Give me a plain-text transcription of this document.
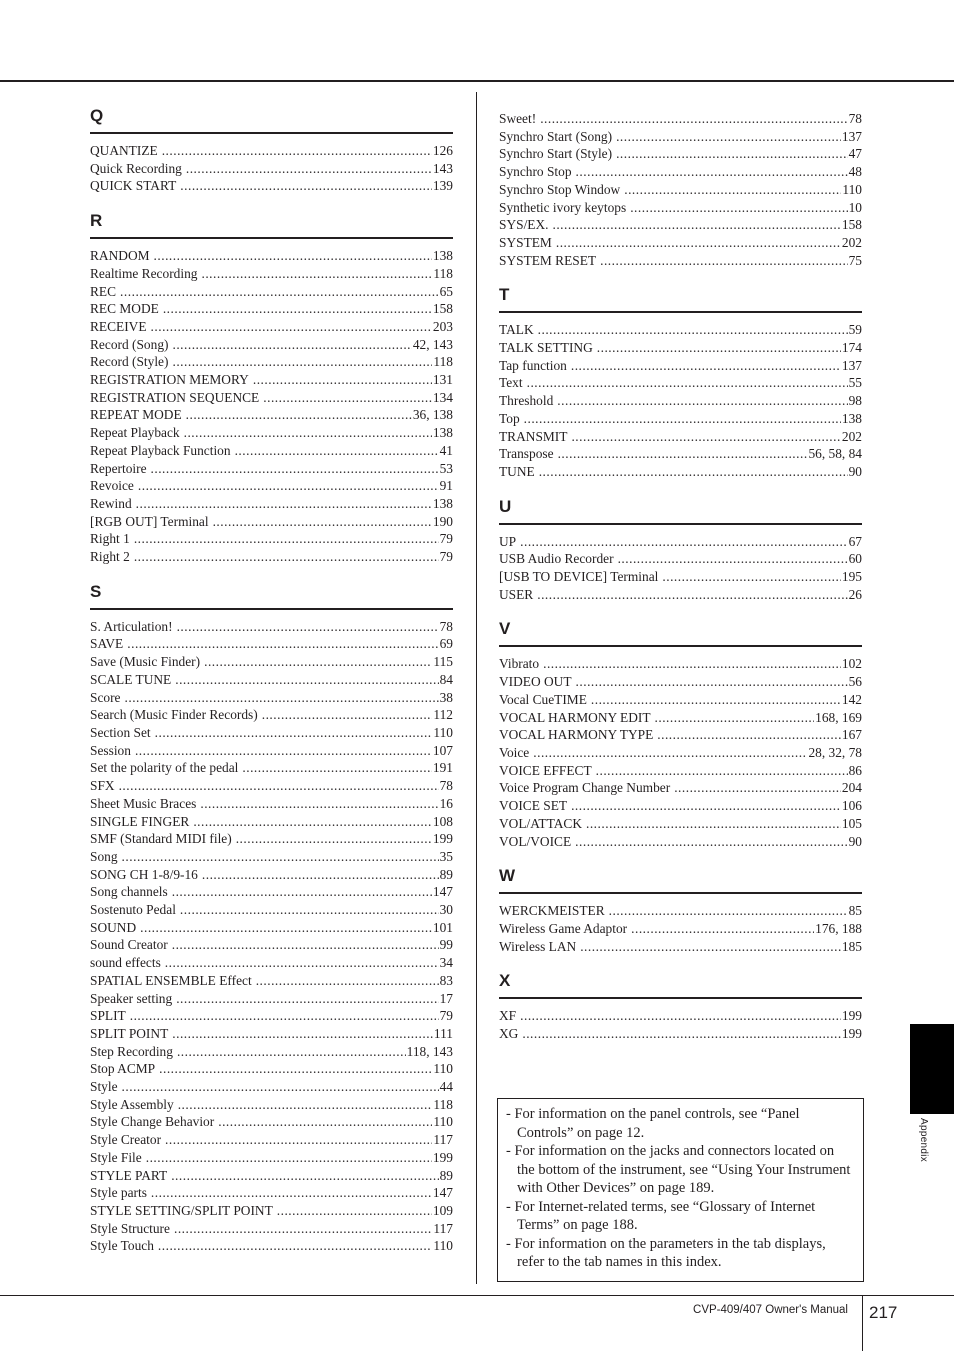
Q
QUANTIZE .....	126
Quick Recording .....	143
QUICK START .....	139
R
RANDOM .....	138
Realtime Recording .....	118
REC .....	65
REC MODE .....	158
RECEIVE .....	203
Record (Song) .....	42, 143
Record (Style) .....	118
REGISTRATION MEMORY .....	131
REGISTRATION SEQUENCE .....	134
REPEAT MODE .....	36, 138
Repeat Playback .....	138
Repeat Playback Function .....	41
Repertoire .....	53
Revoice .....	91
Rewind .....	138
[RGB OUT] Terminal .....	190
Right 1 .....	79
Right 2 .....	79
S
S. Articulation! .....	78
SAVE .....	69
Save (Music Finder) .....	115
SCALE TUNE .....	84
Score .....	38
Search (Music Finder Records) .....	112
Section Set .....	110
Session .....	107
Set the polarity of the pedal .....	191
SFX .....	78
Sheet Music Braces .....	16
SINGLE FINGER .....	108
SMF (Standard MIDI file) .....	199
Song .....	35
SONG CH 1-8/9-16 .....	89
Song channels .....	147
Sostenuto Pedal .....	30
SOUND .....	101
Sound Creator .....	99
sound effects .....	34
SPATIAL ENSEMBLE Effect .....	83
Speaker setting .....	17
SPLIT .....	79
SPLIT POINT .....	111
Step Recording .....	118, 143
Stop ACMP .....	110
Style .....	44
Style Assembly .....	118
Style Change Behavior .....	110
Style Creator .....	117
Style File .....	199
STYLE PART .....	89
Style parts .....	147
STYLE SETTING/SPLIT POINT .....	109
Style Structure .....	117
Style Touch .....	110
Sweet! .....	78
Synchro Start (Song) .....	137
Synchro Start (Style) .....	47
Synchro Stop .....	48
Synchro Stop Window .....	110
Synthetic ivory keytops .....	10
SYS/EX. .....	158
SYSTEM .....	202
SYSTEM RESET .....	75
T
TALK .....	59
TALK SETTING .....	174
Tap function .....	137
Text .....	55
Threshold .....	98
Top .....	138
TRANSMIT .....	202
Transpose .....	56, 58, 84
TUNE .....	90
U
UP .....	67
USB Audio Recorder .....	60
[USB TO DEVICE] Terminal .....	195
USER .....	26
V
Vibrato .....	102
VIDEO OUT .....	56
Vocal CueTIME .....	142
VOCAL HARMONY EDIT .....	168, 169
VOCAL HARMONY TYPE .....	167
Voice .....	28, 32, 78
VOICE EFFECT .....	86
Voice Program Change Number .....	204
VOICE SET .....	106
VOL/ATTACK .....	105
VOL/VOICE .....	90
W
WERCKMEISTER .....	85
Wireless Game Adaptor .....	176, 188
Wireless LAN .....	185
X
XF .....	199
XG .....	199
- For information on the panel controls, see “Panel Controls” on page 12.
- For information on the jacks and connectors located on the bottom of the instrument, see “Using Your Instrument with Other Devices” on page 189.
- For Internet-related terms, see “Glossary of Internet Terms” on page 188.
- For information on the parameters in the tab displays, refer to the tab names in this index.
Appendix
CVP-409/407 Owner's Manual 217
